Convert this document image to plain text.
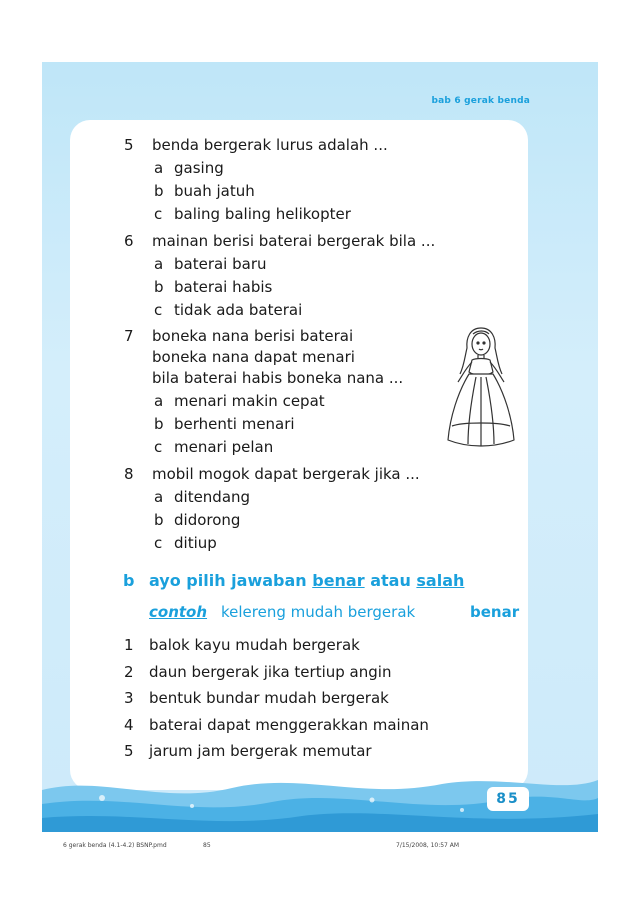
bab 6 gerak benda
5 benda bergerak lurus adalah ...
a gasing
b buah jatuh
c baling baling helikopter
6 mainan berisi baterai bergerak bila ...
a baterai baru
b baterai habis
c tidak ada baterai
7 boneka nana berisi baterai
boneka nana dapat menari
bila baterai habis boneka nana ...
a menari makin cepat
b berhenti menari
c menari pelan
8 mobil mogok dapat bergerak jika ...
a ditendang
b didorong
c ditiup
b ayo pilih jawaban benar atau salah
contoh kelereng mudah bergerak	benar
1 balok kayu mudah bergerak
2 daun bergerak jika tertiup angin
3 bentuk bundar mudah bergerak
4 baterai dapat menggerakkan mainan
5 jarum jam bergerak memutar
85
6 gerak benda (4.1-4.2) BSNP.pmd	85	7/15/2008, 10:57 AM
